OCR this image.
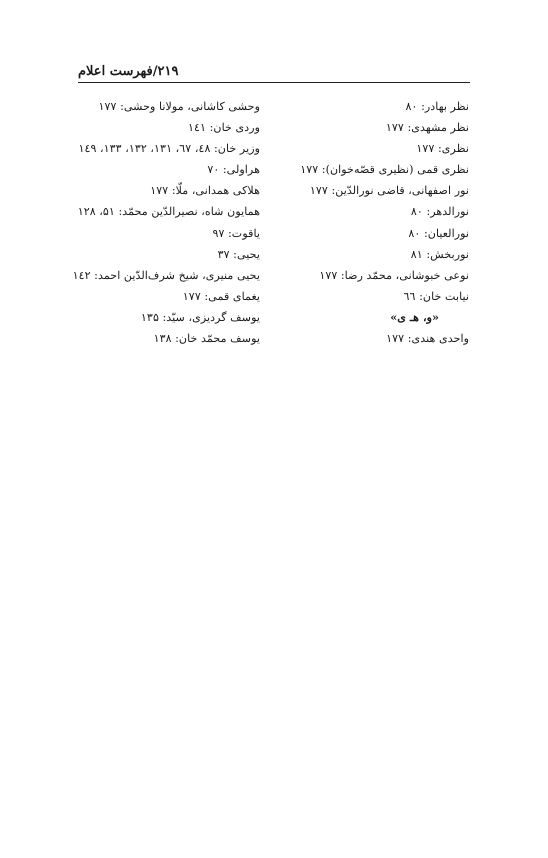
۲۱۹/فهرست اعلام
نظر بهادر: ۸۰
نظر مشهدی: ۱۷۷
نظری: ۱۷۷
نظری قمی (نظیری قصّه‌خوان): ۱۷۷
نور اصفهانی، قاضی نورالدّین: ۱۷۷
نورالدهر: ۸۰
نورالعیان: ۸۰
نوربخش: ۸۱
نوعی خبوشانی، محمّد رضا: ۱۷۷
نیابت خان: ٦٦
«و، هـ ی»
واحدی هندی: ۱۷۷
وحشی کاشانی، مولانا وحشی: ۱۷۷
وردی خان: ۱٤۱
وزیر خان: ٤۸، ٦۷، ۱۳۱، ۱۳۲، ۱۳۳، ۱٤۹
هراولی: ۷۰
هلاکی همدانی، ملّا: ۱۷۷
همایون شاه، نصیرالدّین محمّد: ۵۱، ۱۲۸
یاقوت: ۹۷
یحیی: ۳۷
یحیی منیری، شیخ شرف‌الدّین احمد: ۱٤۲
یغمای قمی: ۱۷۷
یوسف گردیزی، سیّد: ۱۳۵
یوسف محمّد خان: ۱۳۸
